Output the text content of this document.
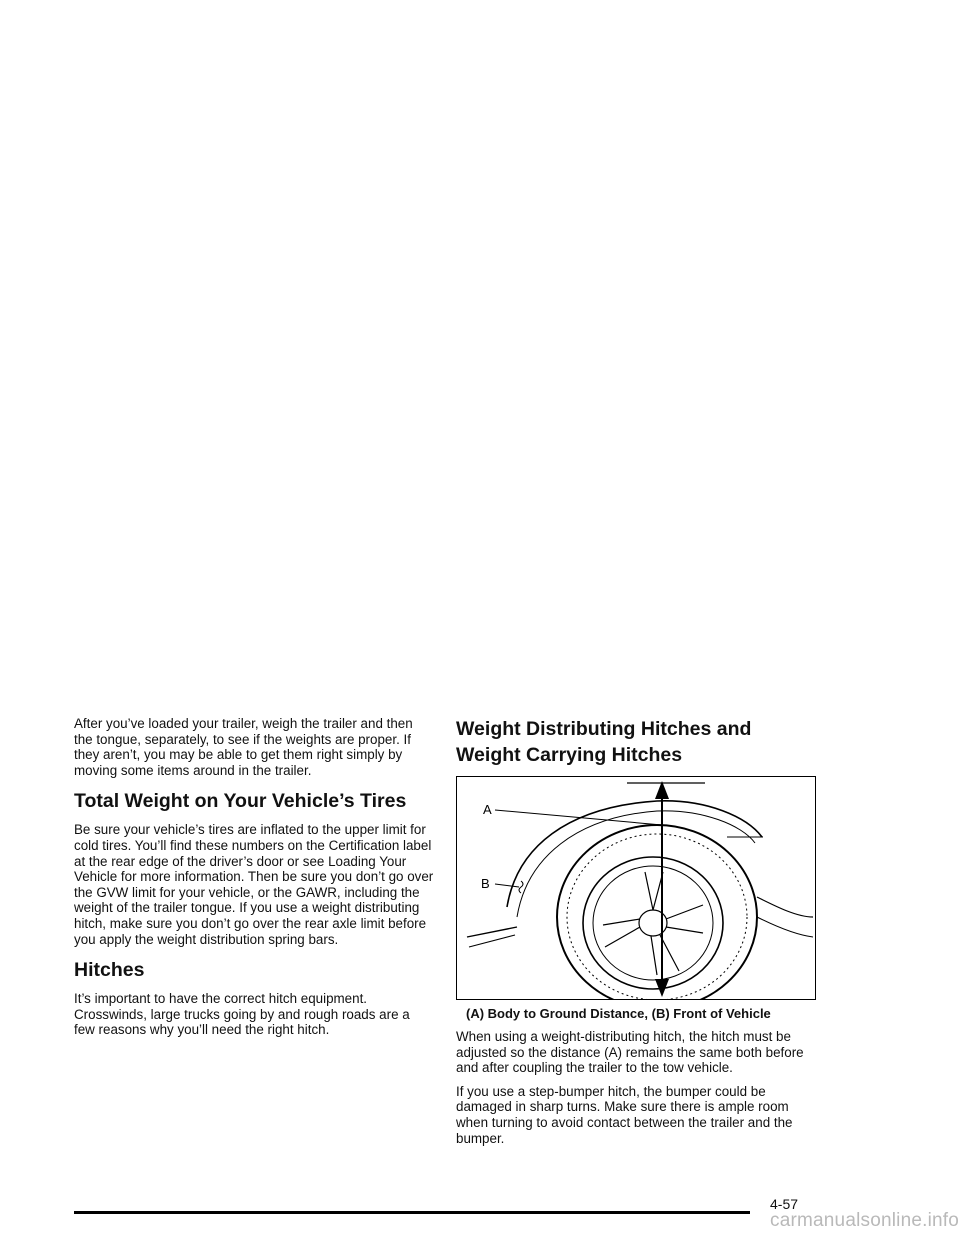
After you’ve loaded your trailer, weigh the trailer and then the tongue, separately, to see if the weights are proper. If they aren’t, you may be able to get them right simply by moving some items around in the trailer.

Total Weight on Your Vehicle’s Tires

Be sure your vehicle’s tires are inflated to the upper limit for cold tires. You’ll find these numbers on the Certification label at the rear edge of the driver’s door or see Loading Your Vehicle for more information. Then be sure you don’t go over the GVW limit for your vehicle, or the GAWR, including the weight of the trailer tongue. If you use a weight distributing hitch, make sure you don’t go over the rear axle limit before you apply the weight distribution spring bars.

Hitches

It’s important to have the correct hitch equipment. Crosswinds, large trucks going by and rough roads are a few reasons why you’ll need the right hitch.

Weight Distributing Hitches and Weight Carrying Hitches
A
B
(A) Body to Ground Distance, (B) Front of Vehicle

When using a weight-distributing hitch, the hitch must be adjusted so the distance (A) remains the same both before and after coupling the trailer to the tow vehicle.

If you use a step-bumper hitch, the bumper could be damaged in sharp turns. Make sure there is ample room when turning to avoid contact between the trailer and the bumper.

4-57
carmanualsonline.info
